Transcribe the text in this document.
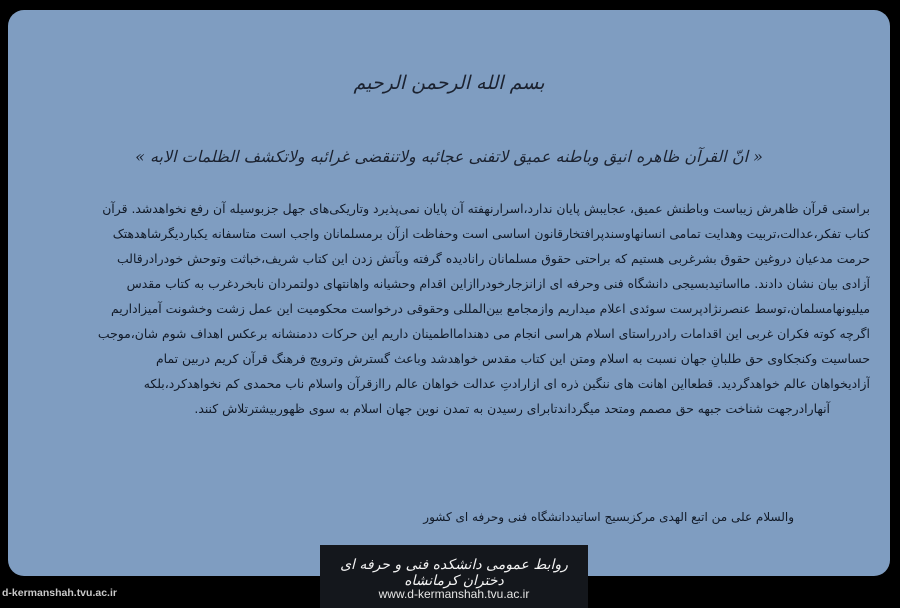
بسم الله الرحمن الرحیم
« انّ القرآن ظاهره انیق وباطنه عمیق لاتفنی عجائبه ولاتنقضی غرائبه ولاتکشف الظلمات الابه »
براستی قرآن ظاهرش زیباست وباطنش عمیق، عجایبش پایان ندارد،اسرارنهفته آن پایان نمی‌پذیرد وتاریکی‌های جهل جزبوسیله آن رفع نخواهدشد. قرآن
کتاب تفکر،عدالت،تربیت وهدایت تمامی انسانهاوسندپرافتخارقانون اساسی است وحفاظت ازآن برمسلمانان واجب است متاسفانه یکباردیگرشاهدهتک
حرمت مدعیان دروغین حقوق بشرغربی هستیم که براحتی حقوق مسلمانان رانادیده گرفته وبآتش زدن این کتاب شریف،خباثت وتوحش خودرادرقالب
آزادی بیان نشان دادند. مااساتیدبسیجی دانشگاه فنی وحرفه ای ازانزجارخودراازاین اقدام وحشیانه واهانتهای دولتمردان نابخردغرب به کتاب مقدس
میلیونهامسلمان،توسط عنصرنژادپرست سوئدی اعلام میداریم وازمجامع بین‌المللی وحقوقی درخواست محکومیت این عمل زشت وخشونت آمیزاداریم
اگرچه کوته فکران غربی این اقدامات رادرراستای اسلام هراسی انجام می دهندامااطمینان داریم این حرکات ددمنشانه برعکس اهداف شوم شان،موجب
حساسیت وکنجکاوی حق طلبانِ جهان نسبت به اسلام ومتن این کتاب مقدس خواهدشد وباعث گسترش وترویج فرهنگ قرآن کریم دربین تمام
آزادیخواهان عالم خواهدگردید. قطعااین اهانت های ننگین ذره ای ازارادتِ عدالت خواهان عالم راازقرآن واسلام ناب محمدی کم نخواهدکرد،بلکه
آنهارادرجهت شناخت جبهه حق مصمم ومتحد میگرداندتابرای رسیدن به تمدن نوین جهان اسلام به سوی ظهوربیشترتلاش کنند.
والسلام علی من اتبع الهدی مرکزبسیج اساتیددانشگاه فنی وحرفه ای کشور
روابط عمومی دانشکده فنی و حرفه ای دختران کرمانشاه
www.d-kermanshah.tvu.ac.ir
d-kermanshah.tvu.ac.ir
